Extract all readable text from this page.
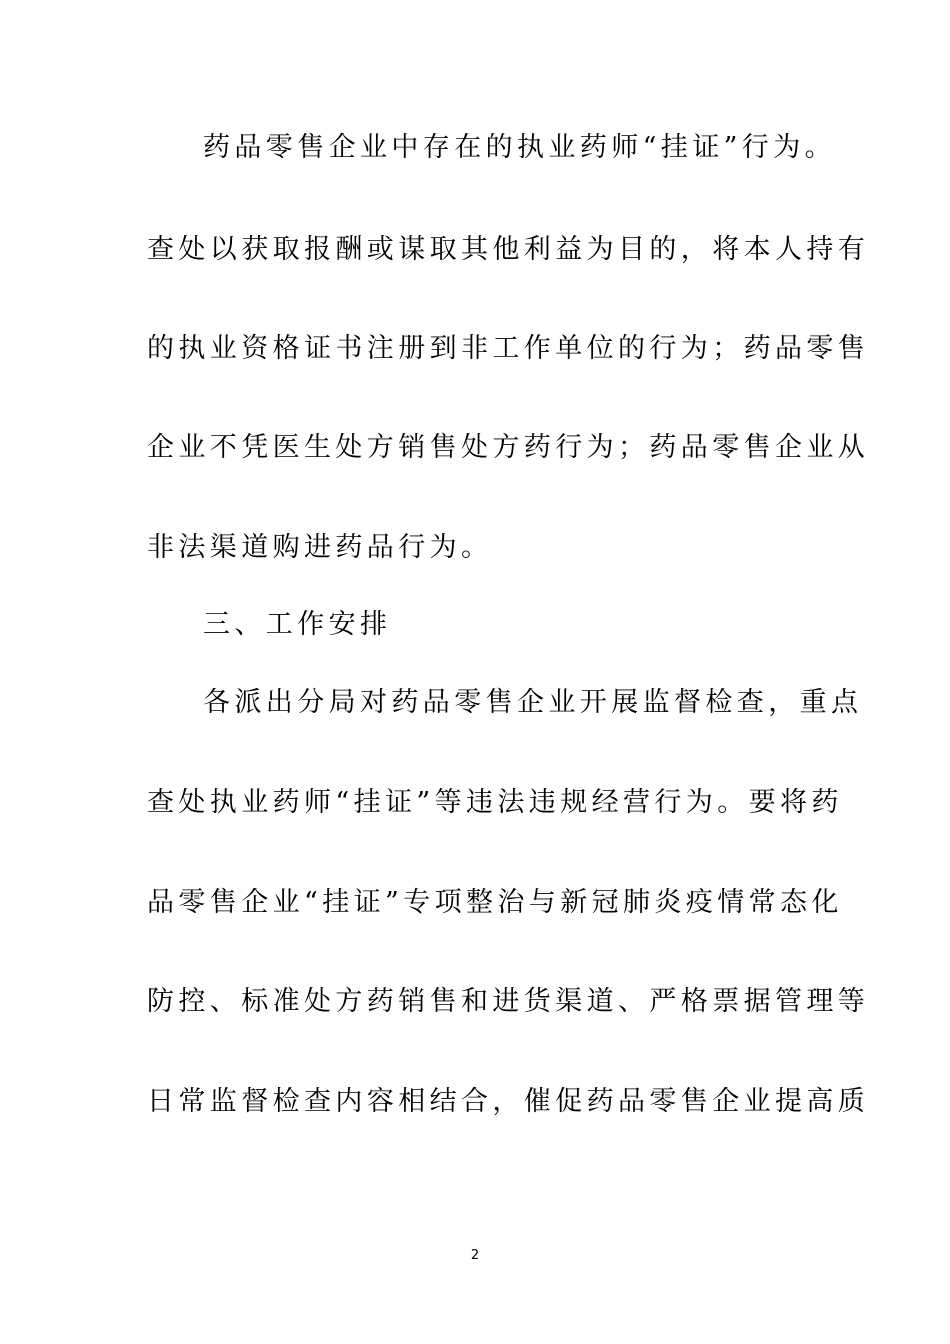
药品零售企业中存在的执业药师“挂证”行为。
查处以获取报酬或谋取其他利益为目的，将本人持有
的执业资格证书注册到非工作单位的行为；药品零售
企业不凭医生处方销售处方药行为；药品零售企业从
非法渠道购进药品行为。
三、工作安排
各派出分局对药品零售企业开展监督检查，重点
查处执业药师“挂证”等违法违规经营行为。要将药
品零售企业“挂证”专项整治与新冠肺炎疫情常态化
防控、标准处方药销售和进货渠道、严格票据管理等
日常监督检查内容相结合，催促药品零售企业提高质
2
